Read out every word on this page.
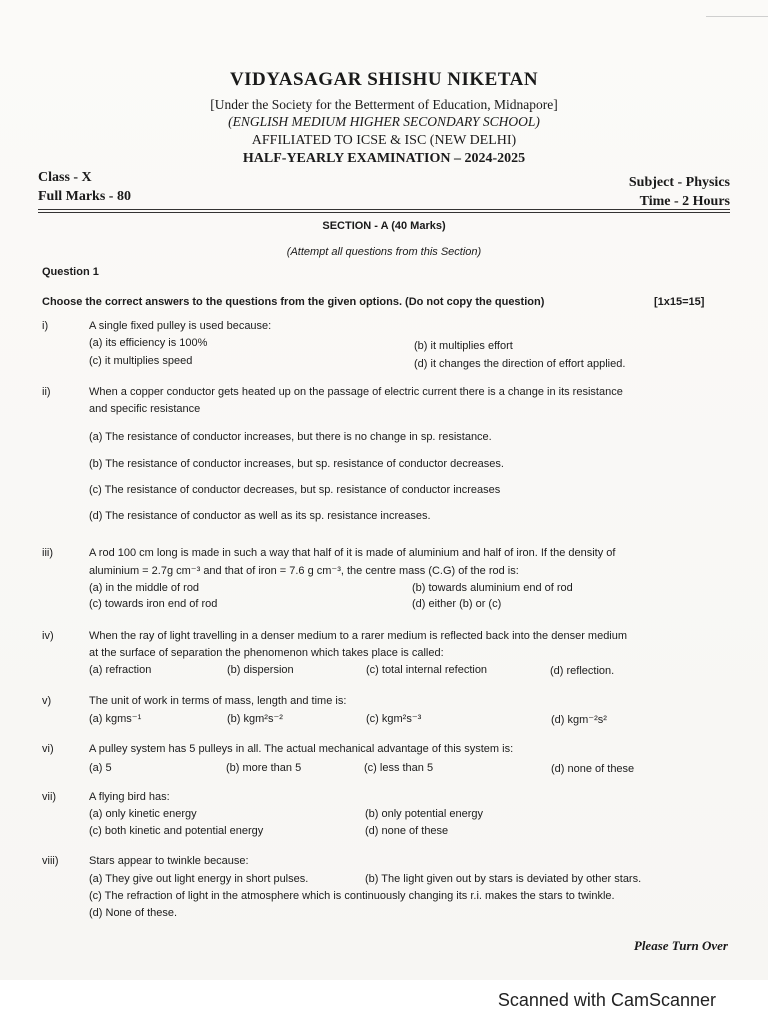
VIDYASAGAR SHISHU NIKETAN
[Under the Society for the Betterment of Education, Midnapore]
(ENGLISH MEDIUM HIGHER SECONDARY SCHOOL)
AFFILIATED TO ICSE & ISC (NEW DELHI)
HALF-YEARLY EXAMINATION – 2024-2025
Class - X
Full Marks - 80
Subject - Physics
Time - 2 Hours
SECTION - A (40 Marks)
(Attempt all questions from this Section)
Question 1
Choose the correct answers to the questions from the given options. (Do not copy the question)	[1x15=15]
i)	A single fixed pulley is used because:
(a) its efficiency is 100%	(b) it multiplies effort
(c) it multiplies speed	(d) it changes the direction of effort applied.
ii)	When a copper conductor gets heated up on the passage of electric current there is a change in its resistance
and specific resistance
(a) The resistance of conductor increases, but there is no change in sp. resistance.
(b) The resistance of conductor increases, but sp. resistance of conductor decreases.
(c) The resistance of conductor decreases, but sp. resistance of conductor increases
(d) The resistance of conductor as well as its sp. resistance increases.
iii)	A rod 100 cm long is made in such a way that half of it is made of aluminium and half of iron. If the density of
aluminium = 2.7g cm⁻³ and that of iron = 7.6 g cm⁻³, the centre mass (C.G) of the rod is:
(a) in the middle of rod	(b) towards aluminium end of rod
(c) towards iron end of rod	(d) either (b) or (c)
iv)	When the ray of light travelling in a denser medium to a rarer medium is reflected back into the denser medium
at the surface of separation the phenomenon which takes place is called:
(a) refraction	(b) dispersion	(c) total internal refection	(d) reflection.
v)	The unit of work in terms of mass, length and time is:
(a) kgms⁻¹	(b) kgm²s⁻²	(c) kgm²s⁻³	(d) kgm⁻²s²
vi)	A pulley system has 5 pulleys in all. The actual mechanical advantage of this system is:
(a) 5	(b) more than 5	(c) less than 5	(d) none of these
vii)	A flying bird has:
(a) only kinetic energy	(b) only potential energy
(c) both kinetic and potential energy	(d) none of these
viii)	Stars appear to twinkle because:
(a) They give out light energy in short pulses.	(b) The light given out by stars is deviated by other stars.
(c) The refraction of light in the atmosphere which is continuously changing its r.i. makes the stars to twinkle.
(d) None of these.
Please Turn Over
Scanned with CamScanner
